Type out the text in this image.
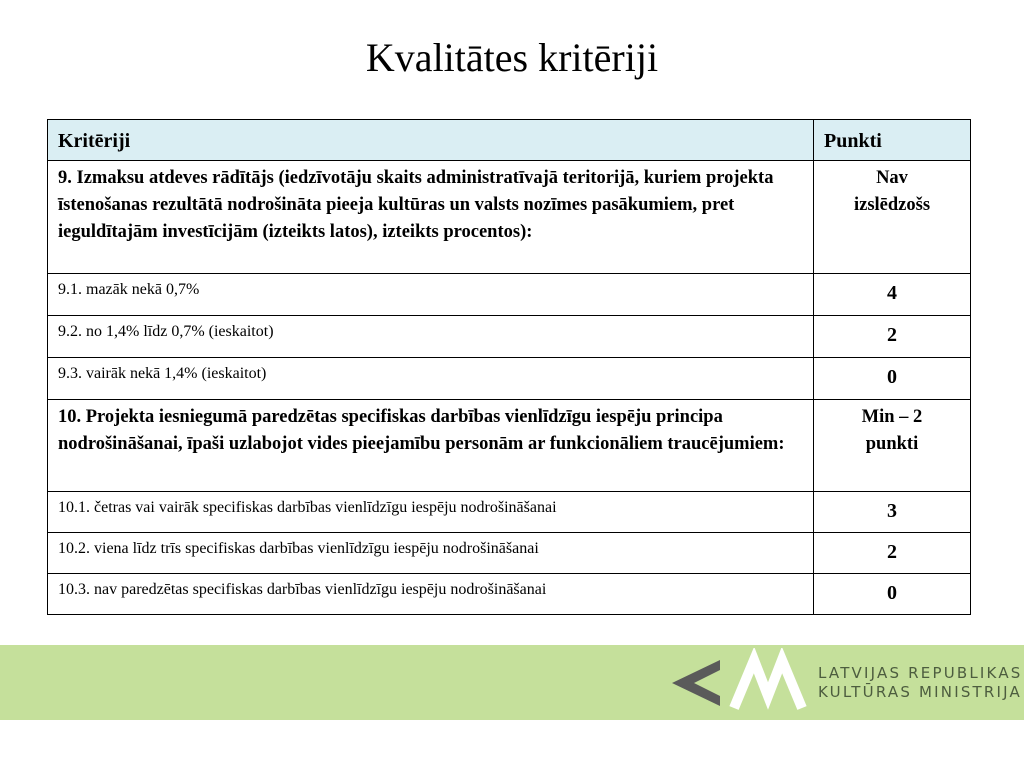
Kvalitātes kritēriji
Kritēriji	Punkti
9. Izmaksu atdeves rādītājs (iedzīvotāju skaits administratīvajā teritorijā, kuriem projekta īstenošanas rezultātā nodrošināta pieeja kultūras un valsts nozīmes pasākumiem, pret ieguldītajām investīcijām (izteikts latos), izteikts procentos):	Nav
izslēdzošs

9.1. mazāk nekā 0,7%	4
9.2. no 1,4% līdz 0,7% (ieskaitot)	2
9.3. vairāk nekā 1,4% (ieskaitot)	0
10. Projekta iesniegumā paredzētas specifiskas darbības vienlīdzīgu iespēju principa nodrošināšanai, īpaši uzlabojot vides pieejamību personām ar funkcionāliem traucējumiem:	Min – 2
punkti

10.1. četras vai vairāk specifiskas darbības vienlīdzīgu iespēju nodrošināšanai	3
10.2. viena līdz trīs specifiskas darbības vienlīdzīgu iespēju nodrošināšanai	2
10.3. nav paredzētas specifiskas darbības vienlīdzīgu iespēju nodrošināšanai	0
LATVIJAS REPUBLIKAS
KULTŪRAS MINISTRIJA
